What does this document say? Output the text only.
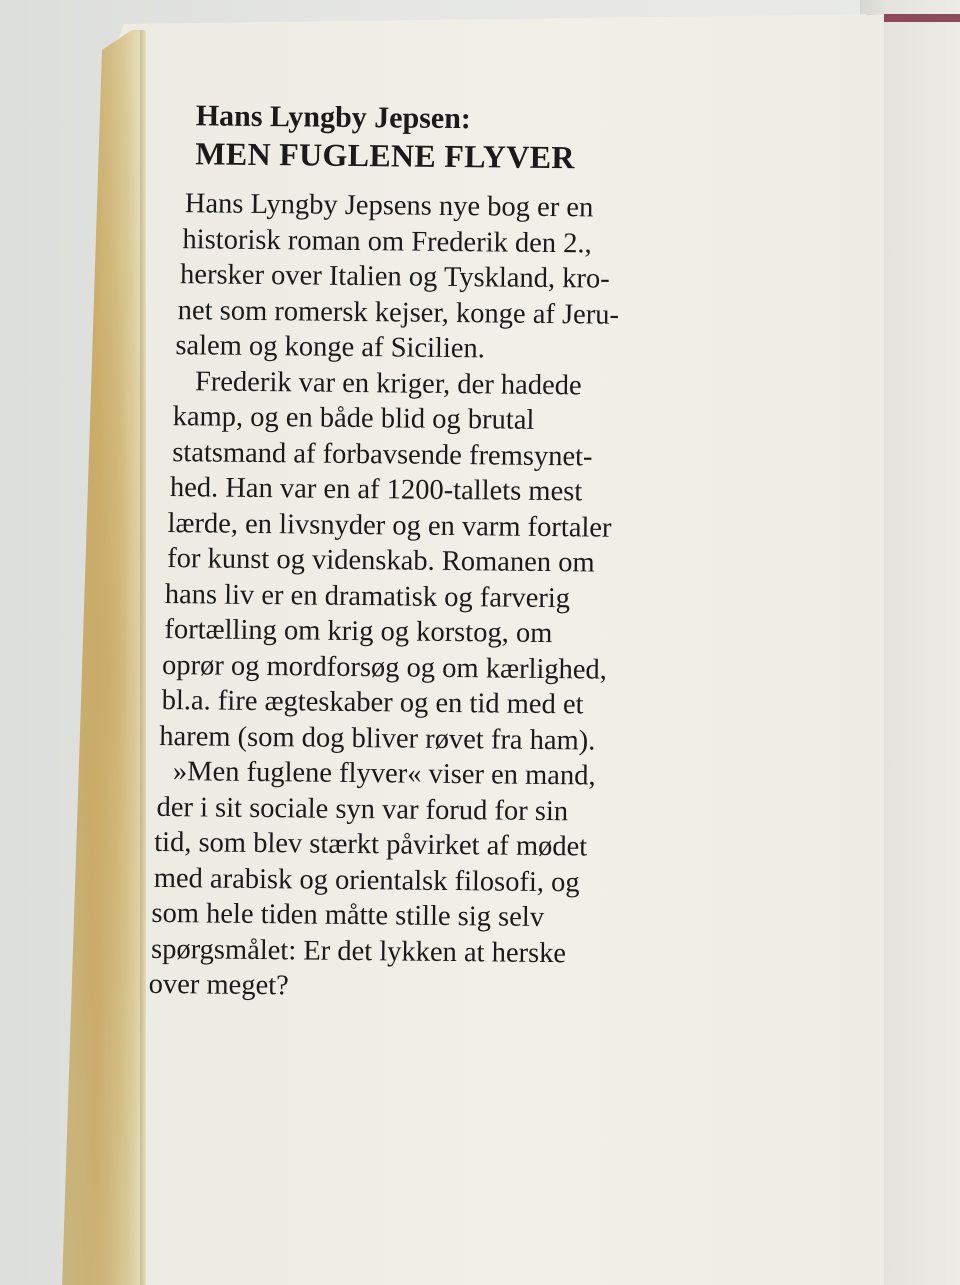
Hans Lyngby Jepsen:
MEN FUGLENE FLYVER

Hans Lyngby Jepsens nye bog er en

historisk roman om Frederik den 2.,

hersker over Italien og Tyskland, kro-

net som romersk kejser, konge af Jeru-

salem og konge af Sicilien.

Frederik var en kriger, der hadede

kamp, og en både blid og brutal

statsmand af forbavsende fremsynet-

hed. Han var en af 1200-tallets mest

lærde, en livsnyder og en varm fortaler

for kunst og videnskab. Romanen om

hans liv er en dramatisk og farverig

fortælling om krig og korstog, om

oprør og mordforsøg og om kærlighed,

bl.a. fire ægteskaber og en tid med et

harem (som dog bliver røvet fra ham).

»Men fuglene flyver« viser en mand,

der i sit sociale syn var forud for sin

tid, som blev stærkt påvirket af mødet

med arabisk og orientalsk filosofi, og

som hele tiden måtte stille sig selv

spørgsmålet: Er det lykken at herske

over meget?
